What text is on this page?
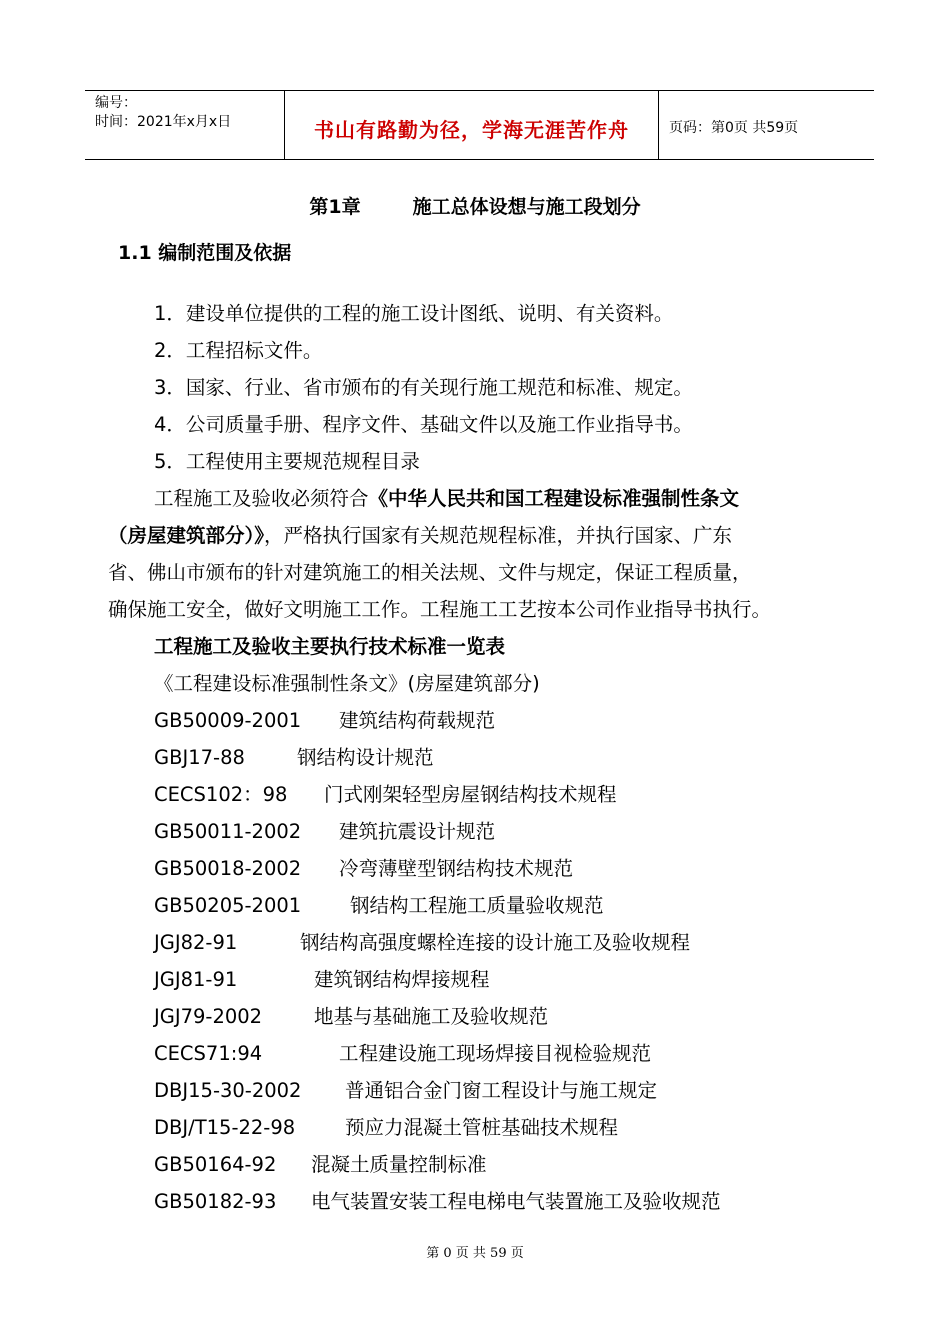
编号：
时间：2021年x月x日	书山有路勤为径，学海无涯苦作舟	页码：第0页 共59页
第1章	施工总体设想与施工段划分
1.1 编制范围及依据
1．建设单位提供的工程的施工设计图纸、说明、有关资料。
2．工程招标文件。
3．国家、行业、省市颁布的有关现行施工规范和标准、规定。
4．公司质量手册、程序文件、基础文件以及施工作业指导书。
5．工程使用主要规范规程目录
工程施工及验收必须符合《中华人民共和国工程建设标准强制性条文
（房屋建筑部分）》，严格执行国家有关规范规程标准，并执行国家、广东
省、佛山市颁布的针对建筑施工的相关法规、文件与规定，保证工程质量，
确保施工安全，做好文明施工工作。工程施工工艺按本公司作业指导书执行。
工程施工及验收主要执行技术标准一览表
《工程建设标准强制性条文》(房屋建筑部分)
GB50009-2001 建筑结构荷载规范
GBJ17-88	钢结构设计规范
CECS102：98 门式刚架轻型房屋钢结构技术规程
GB50011-2002 建筑抗震设计规范
GB50018-2002 冷弯薄壁型钢结构技术规范
GB50205-2001	钢结构工程施工质量验收规范
JGJ82-91	钢结构高强度螺栓连接的设计施工及验收规程
JGJ81-91	建筑钢结构焊接规程
JGJ79-2002	地基与基础施工及验收规范
CECS71:94	工程建设施工现场焊接目视检验规范
DBJ15-30-2002 普通铝合金门窗工程设计与施工规定
DBJ/T15-22-98	预应力混凝土管桩基础技术规程
GB50164-92 混凝土质量控制标准
GB50182-93 电气装置安装工程电梯电气装置施工及验收规范
第 0 页 共 59 页
